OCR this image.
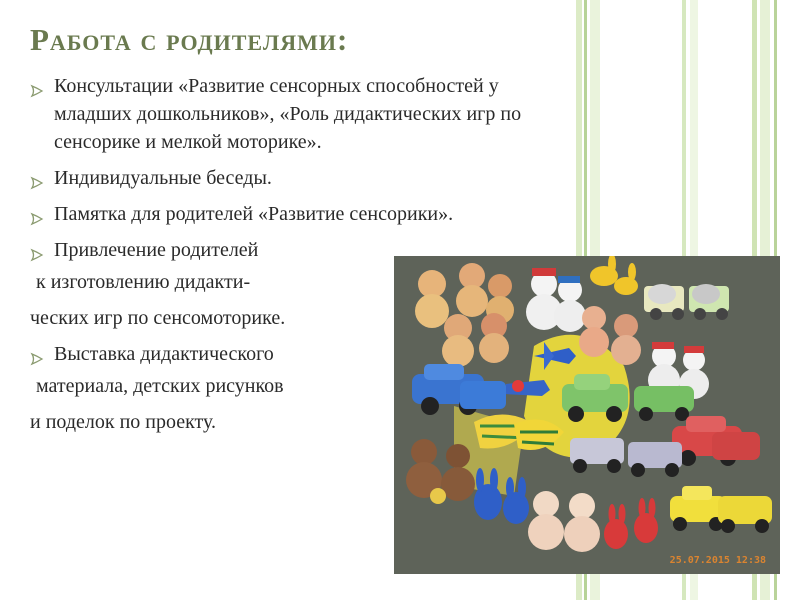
Работа с родителями:
Консультации «Развитие сенсорных способностей у
младших дошкольников», «Роль дидактических игр по
сенсорике и мелкой моторике».
Индивидуальные беседы.
Памятка для родителей «Развитие сенсорики».
Привлечение родителей
к изготовлению дидакти-
ческих игр по сенсомоторике.
Выставка дидактического
материала, детских рисунков
и поделок по проекту.
25.07.2015 12:38
